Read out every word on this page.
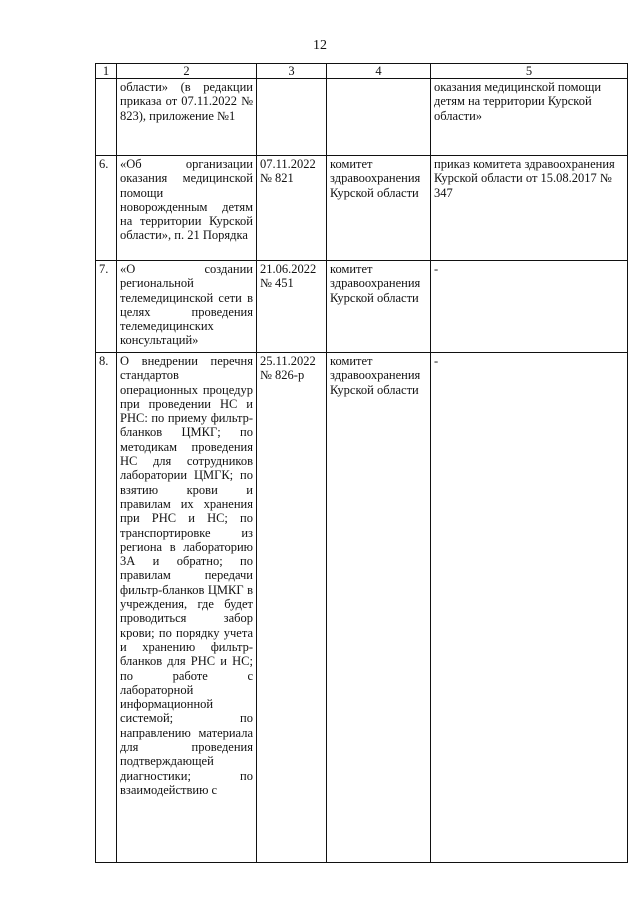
12
1	2	3	4	5
	области» (в редакции приказа от 07.11.2022 № 823), приложение №1			оказания медицинской помощи детям на территории Курской области»
6.	«Об организации оказания медицинской помощи новорожденным детям на территории Курской области», п. 21 Порядка	07.11.2022 № 821	комитет здравоохранения Курской области	приказ комитета здравоохранения Курской области от 15.08.2017 № 347
7.	«О создании региональной телемедицинской сети в целях проведения телемедицинских консультаций»	21.06.2022 № 451	комитет здравоохранения Курской области	-
8.	О внедрении перечня стандартов операционных процедур при проведении НС и РНС: по приему фильтр-бланков ЦМКГ; по методикам проведения НС для сотрудников лаборатории ЦМГК; по взятию крови и правилам их хранения при РНС и НС; по транспортировке из региона в лабораторию 3А и обратно; по правилам передачи фильтр-бланков ЦМКГ в учреждения, где будет проводиться забор крови; по порядку учета и хранению фильтр-бланков для РНС и НС; по работе с лабораторной информационной системой; по направлению материала для проведения подтверждающей диагностики; по взаимодействию с	25.11.2022 № 826-р	комитет здравоохранения Курской области	-
